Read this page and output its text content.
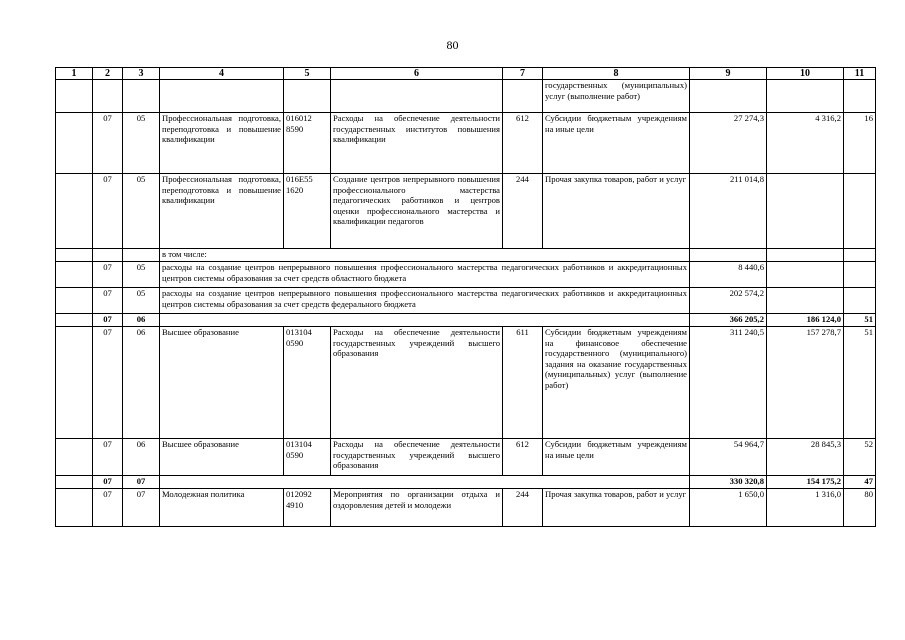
80
1	2	3	4	5	6	7	8	9	10	11
							государственных (муниципальных) услуг (выполнение работ)			
	07	05	Профессиональная подготовка, переподготовка и повышение квалификации	016012 8590	Расходы на обеспечение деятельности государственных институтов повышения квалификации	612	Субсидии бюджетным учреждениям на иные цели	27 274,3	4 316,2	16
	07	05	Профессиональная подготовка, переподготовка и повышение квалификации	016E55 1620	Создание центров непрерывного повышения профессионального мастерства педагогических работников и центров оценки профессионального мастерства и квалификации педагогов	244	Прочая закупка товаров, работ и услуг	211 014,8		
			в том числе:							
	07	05	расходы на создание центров непрерывного повышения профессионального мастерства педагогических работников и аккредитационных центров системы образования за счет средств областного бюджета					8 440,6		
	07	05	расходы на создание центров непрерывного повышения профессионального мастерства педагогических работников и аккредитационных центров системы образования за счет средств федерального бюджета					202 574,2		
	07	06						366 205,2	186 124,0	51
	07	06	Высшее образование	013104 0590	Расходы на обеспечение деятельности государственных учреждений высшего образования	611	Субсидии бюджетным учреждениям на финансовое обеспечение государственного (муниципального) задания на оказание государственных (муниципальных) услуг (выполнение работ)	311 240,5	157 278,7	51
	07	06	Высшее образование	013104 0590	Расходы на обеспечение деятельности государственных учреждений высшего образования	612	Субсидии бюджетным учреждениям на иные цели	54 964,7	28 845,3	52
	07	07						330 320,8	154 175,2	47
	07	07	Молодежная политика	012092 4910	Мероприятия по организации отдыха и оздоровления детей и молодежи	244	Прочая закупка товаров, работ и услуг	1 650,0	1 316,0	80
